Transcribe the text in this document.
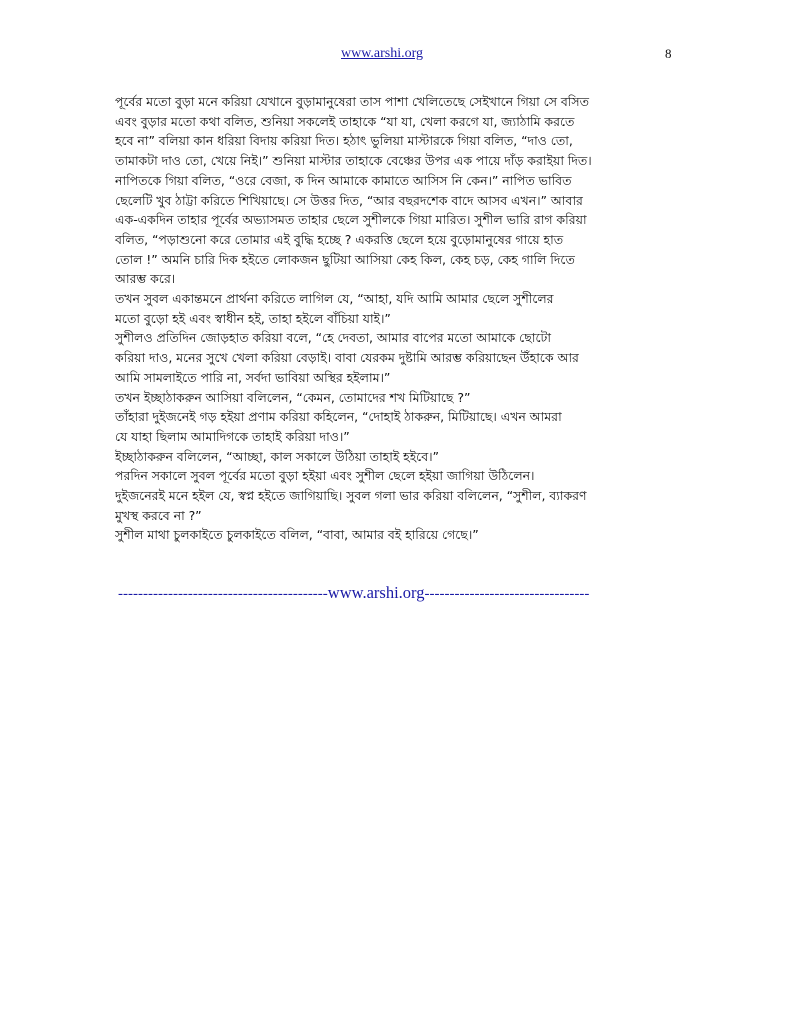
www.arshi.org	8
পূর্বের মতো বুড়া মনে করিয়া যেখানে বুড়ামানুষেরা তাস পাশা খেলিতেছে সেইখানে গিয়া সে বসিত
এবং বুড়ার মতো কথা বলিত, শুনিয়া সকলেই তাহাকে “যা যা, খেলা করগে যা, জ্যাঠামি করতে
হবে না” বলিয়া কান ধরিয়া বিদায় করিয়া দিত। হঠাৎ ভুলিয়া মাস্টারকে গিয়া বলিত, “দাও তো,
তামাকটা দাও তো, খেয়ে নিই।” শুনিয়া মাস্টার তাহাকে বেঞ্চের উপর এক পায়ে দাঁড় করাইয়া দিত।
নাপিতকে গিয়া বলিত, “ওরে বেজা, ক দিন আমাকে কামাতে আসিস নি কেন।” নাপিত ভাবিত
ছেলেটি খুব ঠাট্টা করিতে শিখিয়াছে। সে উত্তর দিত, “আর বছরদশেক বাদে আসব এখন।” আবার
এক-একদিন তাহার পূর্বের অভ্যাসমত তাহার ছেলে সুশীলকে গিয়া মারিত। সুশীল ভারি রাগ করিয়া
বলিত, “পড়াশুনো করে তোমার এই বুদ্ধি হচ্ছে ? একরত্তি ছেলে হয়ে বুড়োমানুষের গায়ে হাত
তোল !” অমনি চারি দিক হইতে লোকজন ছুটিয়া আসিয়া কেহ কিল, কেহ চড়, কেহ গালি দিতে
আরম্ভ করে।
তখন সুবল একান্তমনে প্রার্থনা করিতে লাগিল যে, “আহা, যদি আমি আমার ছেলে সুশীলের
মতো বুড়ো হই এবং স্বাধীন হই, তাহা হইলে বাঁচিয়া যাই।”
সুশীলও প্রতিদিন জোড়হাত করিয়া বলে, “হে দেবতা, আমার বাপের মতো আমাকে ছোটো
করিয়া দাও, মনের সুখে খেলা করিয়া বেড়াই। বাবা যেরকম দুষ্টামি আরম্ভ করিয়াছেন উঁহাকে আর
আমি সামলাইতে পারি না, সর্বদা ভাবিয়া অস্থির হইলাম।”
তখন ইচ্ছাঠাকরুন আসিয়া বলিলেন, “কেমন, তোমাদের শখ মিটিয়াছে ?”
তাঁহারা দুইজনেই গড় হইয়া প্রণাম করিয়া কহিলেন, “দোহাই ঠাকরুন, মিটিয়াছে। এখন আমরা
যে যাহা ছিলাম আমাদিগকে তাহাই করিয়া দাও।”
ইচ্ছাঠাকরুন বলিলেন, “আচ্ছা, কাল সকালে উঠিয়া তাহাই হইবে।”
পরদিন সকালে সুবল পূর্বের মতো বুড়া হইয়া এবং সুশীল ছেলে হইয়া জাগিয়া উঠিলেন।
দুইজনেরই মনে হইল যে, স্বপ্ন হইতে জাগিয়াছি। সুবল গলা ভার করিয়া বলিলেন, “সুশীল, ব্যাকরণ
মুখস্থ করবে না ?”
সুশীল মাথা চুলকাইতে চুলকাইতে বলিল, “বাবা, আমার বই হারিয়ে গেছে।”
------------------------------------------www.arshi.org---------------------------------
